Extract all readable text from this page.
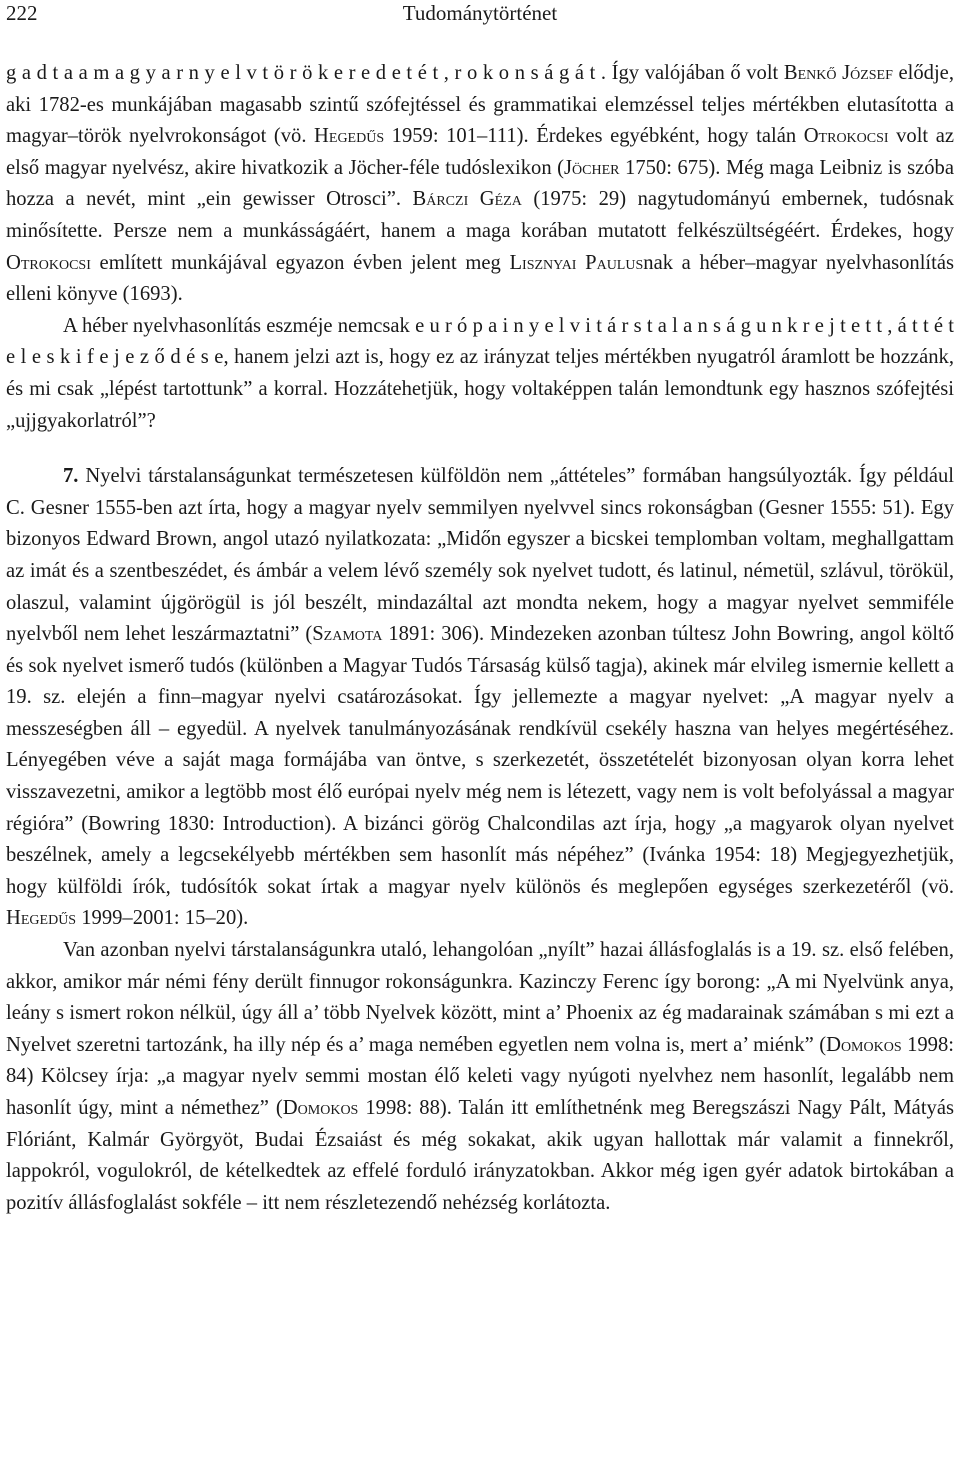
222	Tudománytörténet

g a d t a a m a g y a r n y e l v t ö r ö k e r e d e t é t , r o k o n s á g á t . Így valójában ő volt Benkő József elődje, aki 1782-es munkájában magasabb szintű szófejtéssel és grammatikai elemzéssel teljes mértékben elutasította a magyar–török nyelvrokonságot (vö. Hegedűs 1959: 101–111). Érdekes egyébként, hogy talán Otrokocsi volt az első magyar nyelvész, akire hivatkozik a Jöcher-féle tudóslexikon (Jöcher 1750: 675). Még maga Leibniz is szóba hozza a nevét, mint „ein gewisser Otrosci”. Bárczi Géza (1975: 29) nagytudományú embernek, tudósnak minősítette. Persze nem a munkásságáért, hanem a maga korában mutatott felkészültségéért. Érdekes, hogy Otrokocsi említett munkájával egyazon évben jelent meg Lisznyai Paulusnak a héber–magyar nyelvhasonlítás elleni könyve (1693).

A héber nyelvhasonlítás eszméje nemcsak e u r ó p a i n y e l v i t á r s t a l a n s á g u n k r e j t e t t , á t t é t e l e s k i f e j e z ő d é s e, hanem jelzi azt is, hogy ez az irányzat teljes mértékben nyugatról áramlott be hozzánk, és mi csak „lépést tartottunk” a korral. Hozzátehetjük, hogy voltaképpen talán lemondtunk egy hasznos szófejtési „ujjgyakorlatról”?

7. Nyelvi társtalanságunkat természetesen külföldön nem „áttételes” formában hangsúlyozták. Így például C. Gesner 1555-ben azt írta, hogy a magyar nyelv semmilyen nyelvvel sincs rokonságban (Gesner 1555: 51). Egy bizonyos Edward Brown, angol utazó nyilatkozata: „Midőn egyszer a bicskei templomban voltam, meghallgattam az imát és a szentbeszédet, és ámbár a velem lévő személy sok nyelvet tudott, és latinul, németül, szlávul, törökül, olaszul, valamint újgörögül is jól beszélt, mindazáltal azt mondta nekem, hogy a magyar nyelvet semmiféle nyelvből nem lehet leszármaztatni” (Szamota 1891: 306). Mindezeken azonban túltesz John Bowring, angol költő és sok nyelvet ismerő tudós (különben a Magyar Tudós Társaság külső tagja), akinek már elvileg ismernie kellett a 19. sz. elején a finn–magyar nyelvi csatározásokat. Így jellemezte a magyar nyelvet: „A magyar nyelv a messzeségben áll – egyedül. A nyelvek tanulmányozásának rendkívül csekély haszna van helyes megértéséhez. Lényegében véve a saját maga formájába van öntve, s szerkezetét, összetételét bizonyosan olyan korra lehet visszavezetni, amikor a legtöbb most élő európai nyelv még nem is létezett, vagy nem is volt befolyással a magyar régióra” (Bowring 1830: Introduction). A bizánci görög Chalcondilas azt írja, hogy „a magyarok olyan nyelvet beszélnek, amely a legcsekélyebb mértékben sem hasonlít más népéhez” (Ivánka 1954: 18) Megjegyezhetjük, hogy külföldi írók, tudósítók sokat írtak a magyar nyelv különös és meglepően egységes szerkezetéről (vö. Hegedűs 1999–2001: 15–20).

Van azonban nyelvi társtalanságunkra utaló, lehangolóan „nyílt” hazai állásfoglalás is a 19. sz. első felében, akkor, amikor már némi fény derült finnugor rokonságunkra. Kazinczy Ferenc így borong: „A mi Nyelvünk anya, leány s ismert rokon nélkül, úgy áll a’ több Nyelvek között, mint a’ Phoenix az ég madarainak számában s mi ezt a Nyelvet szeretni tartozánk, ha illy nép és a’ maga nemében egyetlen nem volna is, mert a’ miénk” (Domokos 1998: 84) Kölcsey írja: „a magyar nyelv semmi mostan élő keleti vagy nyúgoti nyelvhez nem hasonlít, legalább nem hasonlít úgy, mint a némethez” (Domokos 1998: 88). Talán itt említhetnénk meg Beregszászi Nagy Pált, Mátyás Flóriánt, Kalmár Györgyöt, Budai Ézsaiást és még sokakat, akik ugyan hallottak már valamit a finnekről, lappokról, vogulokról, de kételkedtek az effelé forduló irányzatokban. Akkor még igen gyér adatok birtokában a pozitív állásfoglalást sokféle – itt nem részletezendő nehézség korlátozta.
